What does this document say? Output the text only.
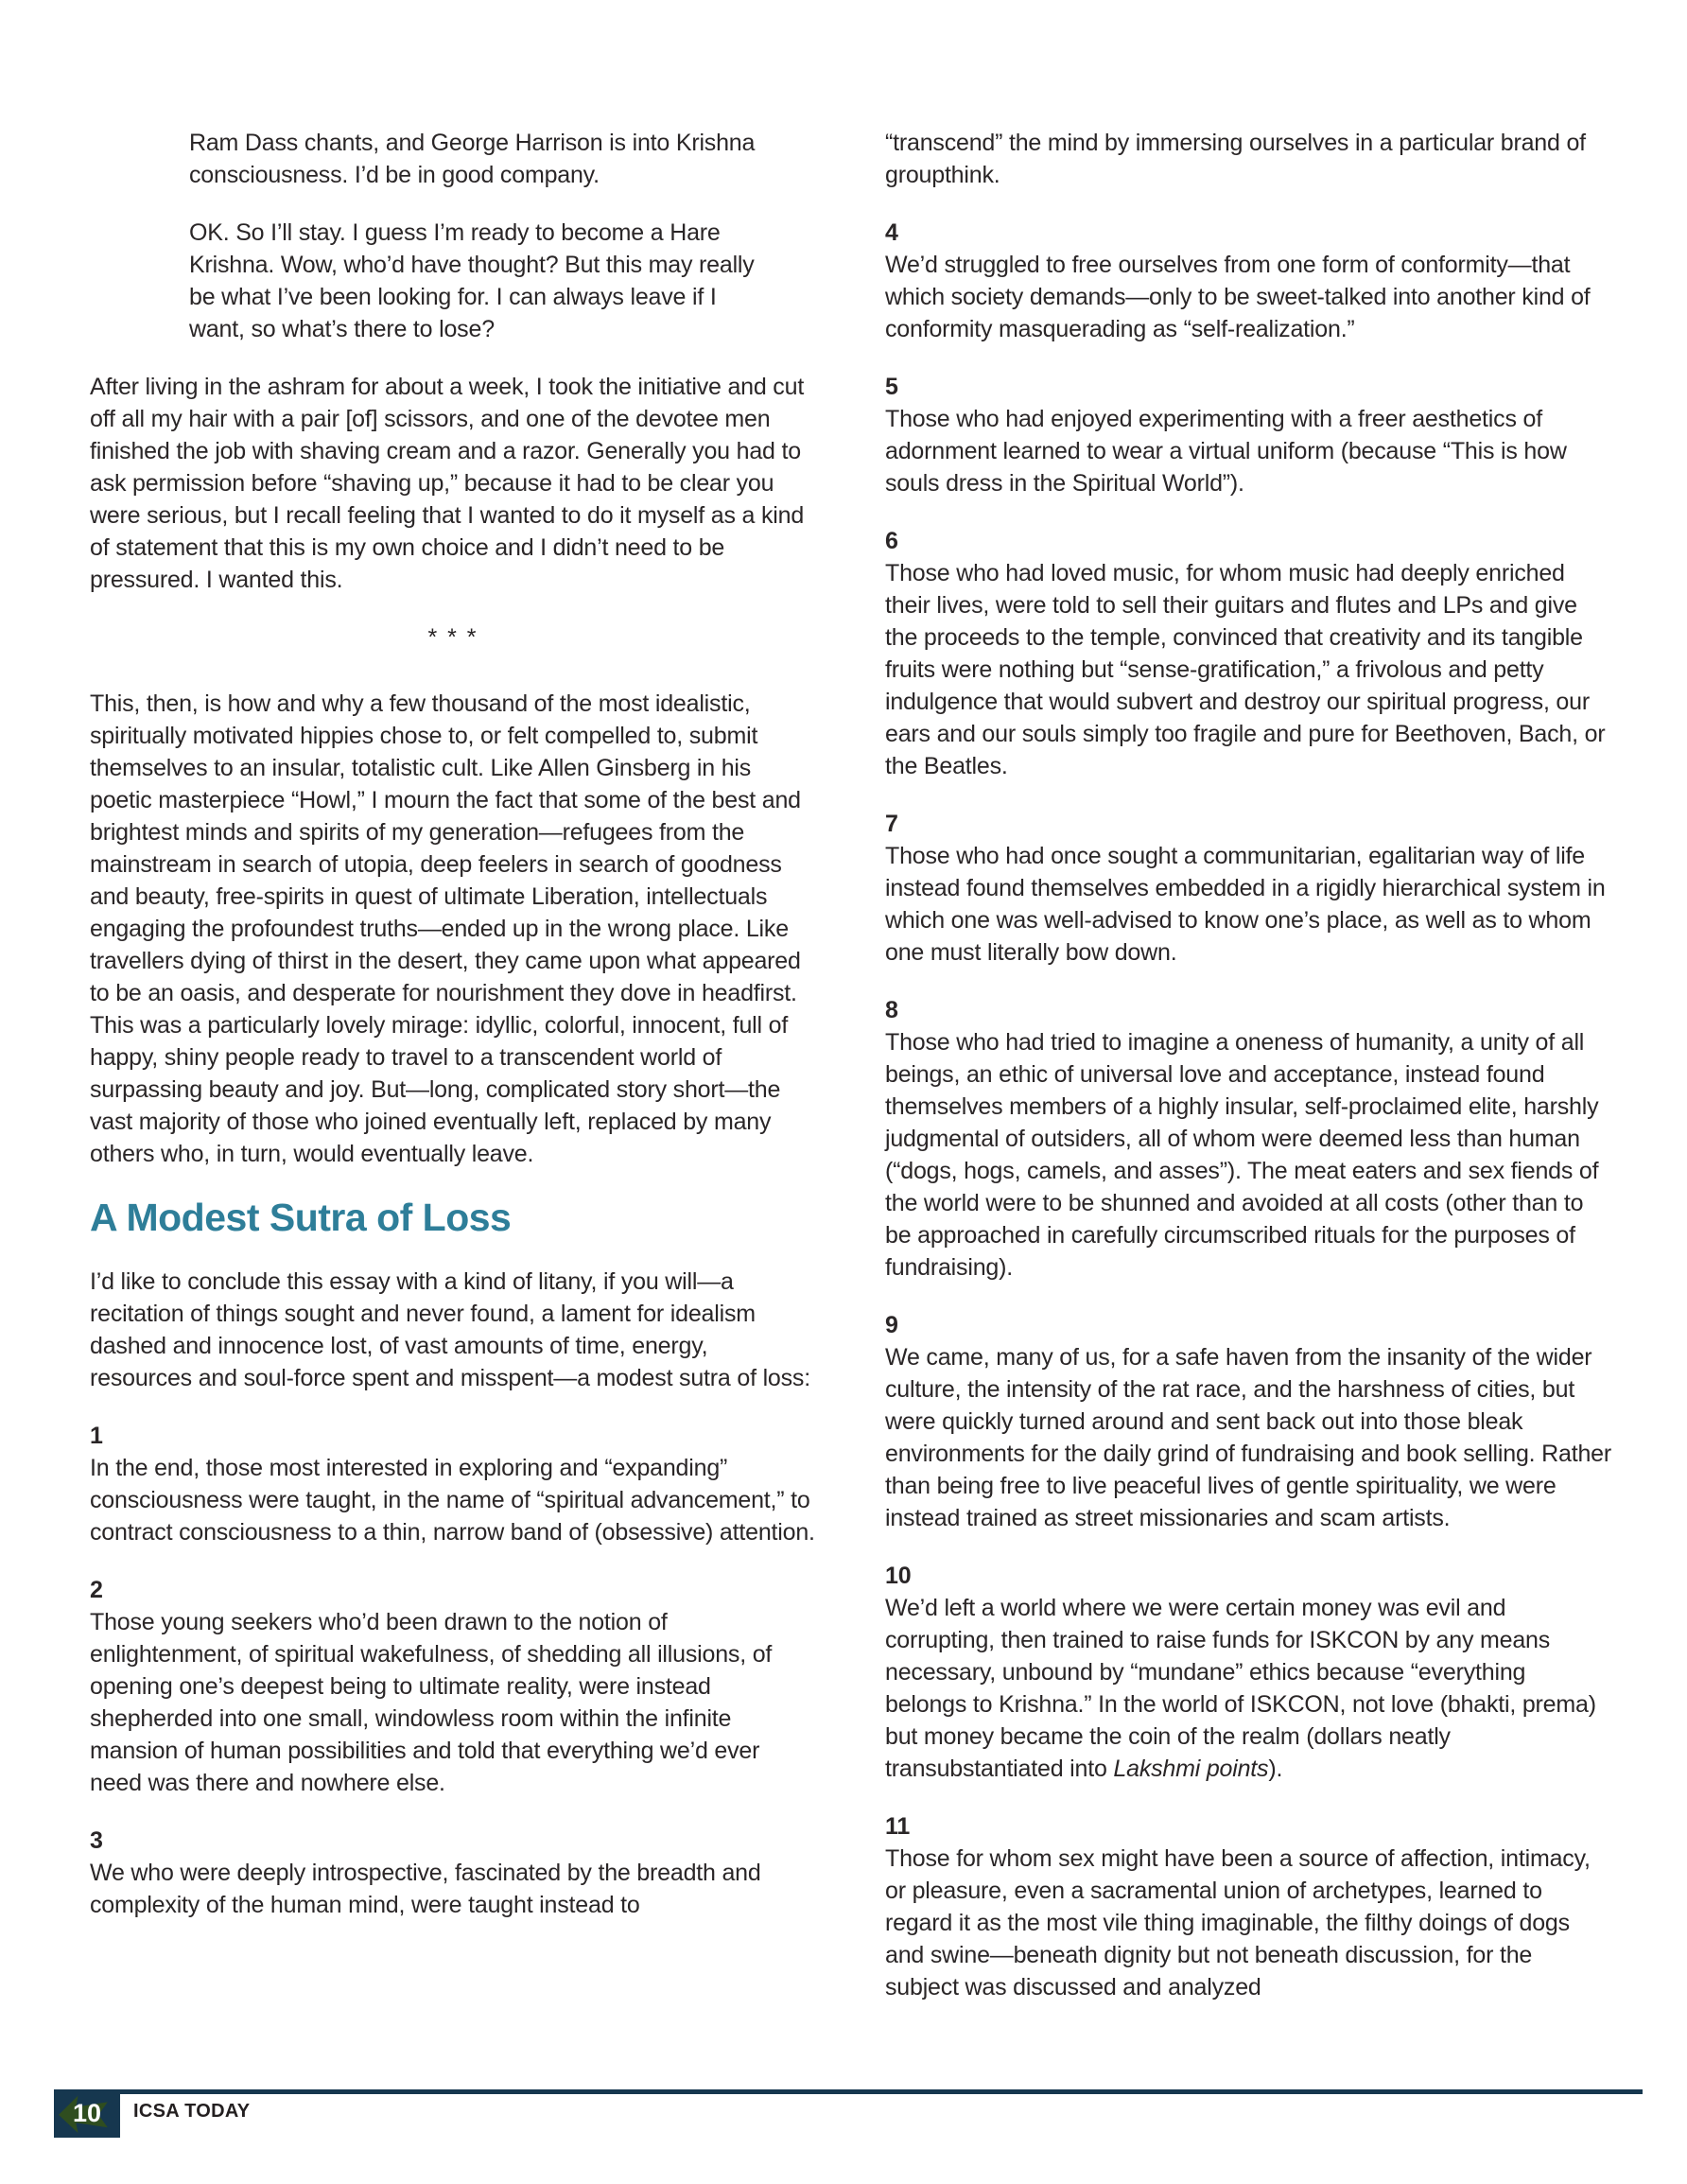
Ram Dass chants, and George Harrison is into Krishna consciousness. I’d be in good company.

OK. So I’ll stay. I guess I’m ready to become a Hare Krishna. Wow, who’d have thought? But this may really be what I’ve been looking for. I can always leave if I want, so what’s there to lose?

After living in the ashram for about a week, I took the initiative and cut off all my hair with a pair [of] scissors, and one of the devotee men finished the job with shaving cream and a razor. Generally you had to ask permission before “shaving up,” because it had to be clear you were serious, but I recall feeling that I wanted to do it myself as a kind of statement that this is my own choice and I didn’t need to be pressured. I wanted this.

* * *

This, then, is how and why a few thousand of the most idealistic, spiritually motivated hippies chose to, or felt compelled to, submit themselves to an insular, totalistic cult. Like Allen Ginsberg in his poetic masterpiece “Howl,” I mourn the fact that some of the best and brightest minds and spirits of my generation—refugees from the mainstream in search of utopia, deep feelers in search of goodness and beauty, free-spirits in quest of ultimate Liberation, intellectuals engaging the profoundest truths—ended up in the wrong place. Like travellers dying of thirst in the desert, they came upon what appeared to be an oasis, and desperate for nourishment they dove in headfirst. This was a particularly lovely mirage: idyllic, colorful, innocent, full of happy, shiny people ready to travel to a transcendent world of surpassing beauty and joy. But—long, complicated story short—the vast majority of those who joined eventually left, replaced by many others who, in turn, would eventually leave.

A Modest Sutra of Loss

I’d like to conclude this essay with a kind of litany, if you will—a recitation of things sought and never found, a lament for idealism dashed and innocence lost, of vast amounts of time, energy, resources and soul-force spent and misspent—a modest sutra of loss:

1

In the end, those most interested in exploring and “expanding” consciousness were taught, in the name of “spiritual advancement,” to contract consciousness to a thin, narrow band of (obsessive) attention.

2

Those young seekers who’d been drawn to the notion of enlightenment, of spiritual wakefulness, of shedding all illusions, of opening one’s deepest being to ultimate reality, were instead shepherded into one small, windowless room within the infinite mansion of human possibilities and told that everything we’d ever need was there and nowhere else.

3

We who were deeply introspective, fascinated by the breadth and complexity of the human mind, were taught instead to

“transcend” the mind by immersing ourselves in a particular brand of groupthink.

4

We’d struggled to free ourselves from one form of conformity—that which society demands—only to be sweet-talked into another kind of conformity masquerading as “self-realization.”

5

Those who had enjoyed experimenting with a freer aesthetics of adornment learned to wear a virtual uniform (because “This is how souls dress in the Spiritual World”).

6

Those who had loved music, for whom music had deeply enriched their lives, were told to sell their guitars and flutes and LPs and give the proceeds to the temple, convinced that creativity and its tangible fruits were nothing but “sense-gratification,” a frivolous and petty indulgence that would subvert and destroy our spiritual progress, our ears and our souls simply too fragile and pure for Beethoven, Bach, or the Beatles.

7

Those who had once sought a communitarian, egalitarian way of life instead found themselves embedded in a rigidly hierarchical system in which one was well-advised to know one’s place, as well as to whom one must literally bow down.

8

Those who had tried to imagine a oneness of humanity, a unity of all beings, an ethic of universal love and acceptance, instead found themselves members of a highly insular, self-proclaimed elite, harshly judgmental of outsiders, all of whom were deemed less than human (“dogs, hogs, camels, and asses”). The meat eaters and sex fiends of the world were to be shunned and avoided at all costs (other than to be approached in carefully circumscribed rituals for the purposes of fundraising).

9

We came, many of us, for a safe haven from the insanity of the wider culture, the intensity of the rat race, and the harshness of cities, but were quickly turned around and sent back out into those bleak environments for the daily grind of fundraising and book selling. Rather than being free to live peaceful lives of gentle spirituality, we were instead trained as street missionaries and scam artists.

10

We’d left a world where we were certain money was evil and corrupting, then trained to raise funds for ISKCON by any means necessary, unbound by “mundane” ethics because “everything belongs to Krishna.” In the world of ISKCON, not love (bhakti, prema) but money became the coin of the realm (dollars neatly transubstantiated into Lakshmi points).

11

Those for whom sex might have been a source of affection, intimacy, or pleasure, even a sacramental union of archetypes, learned to regard it as the most vile thing imaginable, the filthy doings of dogs and swine—beneath dignity but not beneath discussion, for the subject was discussed and analyzed

10	ICSA TODAY
